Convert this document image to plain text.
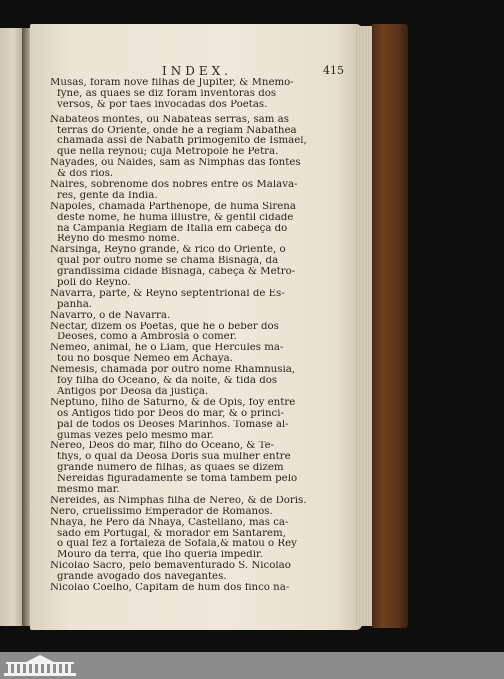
INDEX.	415
Musas, foram nove filhas de Jupiter, & Mnemo-
fyne, as quaes se diz foram inventoras dos
versos, & por taes invocadas dos Poetas.
Nabateos montes, ou Nabateas serras, sam as
terras do Oriente, onde he a regiam Nabathea
chamada assi de Nabath primogenito de Ismael,
que nella reynou; cuja Metropole he Petra.
Nayades, ou Naides, sam as Nimphas das fontes
& dos rios.
Naires, sobrenome dos nobres entre os Malava-
res, gente da India.
Napoles, chamada Parthenope, de huma Sirena
deste nome, he huma illustre, & gentil cidade
na Campania Regiam de Italia em cabeça do
Reyno do mesmo nome.
Narsinga, Reyno grande, & rico do Oriente, o
qual por outro nome se chama Bisnagá, da
grandissima cidade Bisnagá, cabeça & Metro-
poli do Reyno.
Navarra, parte, & Reyno septentrional de Es-
panha.
Navarro, o de Navarra.
Nectar, dizem os Poetas, que he o beber dos
Deoses, como a Ambrosia o comer.
Nemeo, animal, he o Liam, que Hercules ma-
tou no bosque Nemeo em Achaya.
Nemesis, chamada por outro nome Rhamnusia,
foy filha do Oceano, & da noite, & tida dos
Antigos por Deosa da justiça.
Neptuno, filho de Saturno, & de Opis, foy entre
os Antigos tido por Deos do mar, & o princi-
pal de todos os Deoses Marinhos. Tomase al-
gumas vezes pelo mesmo mar.
Nereo, Deos do mar, filho do Oceano, & Te-
thys, o qual da Deosa Doris sua mulher entre
grande numero de filhas, as quaes se dizem
Nereidas figuradamente se toma tambem pelo
mesmo mar.
Nereides, as Nimphas filha de Nereo, & de Doris.
Nero, cruelissimo Emperador de Romanos.
Nhaya, he Pero da Nhaya, Castellano, mas ca-
sado em Portugal, & morador em Santarem,
o qual fez a fortaleza de Sofala,& matou o Rey
Mouro da terra, que lho queria impedir.
Nicolao Sacro, pelo bemaventurado S. Nicolao
grande avogado dos navegantes.
Nicolao Coelho, Capitam de hum dos finco na-
